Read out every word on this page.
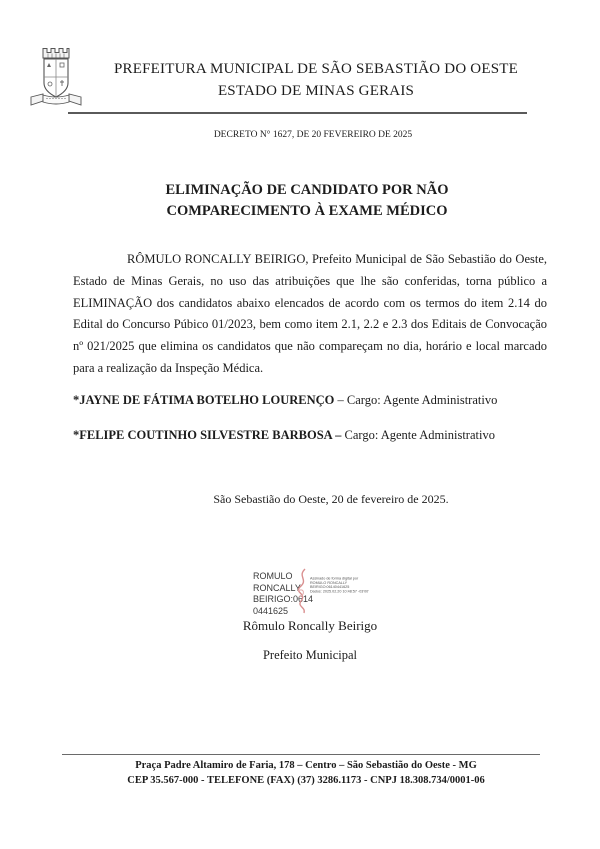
PREFEITURA MUNICIPAL DE SÃO SEBASTIÃO DO OESTE
ESTADO DE MINAS GERAIS
DECRETO N° 1627, DE 20 FEVEREIRO DE 2025
ELIMINAÇÃO DE CANDIDATO POR NÃO
COMPARECIMENTO À EXAME MÉDICO
RÔMULO RONCALLY BEIRIGO, Prefeito Municipal de São Sebastião do Oeste, Estado de Minas Gerais, no uso das atribuições que lhe são conferidas, torna público a ELIMINAÇÃO dos candidatos abaixo elencados de acordo com os termos do item 2.14 do Edital do Concurso Púbico 01/2023, bem como item 2.1, 2.2 e 2.3 dos Editais de Convocação nº 021/2025 que elimina os candidatos que não compareçam no dia, horário e local marcado para a realização da Inspeção Médica.
*JAYNE DE FÁTIMA BOTELHO LOURENÇO – Cargo: Agente Administrativo
*FELIPE COUTINHO SILVESTRE BARBOSA – Cargo: Agente Administrativo
São Sebastião do Oeste, 20 de fevereiro de 2025.
ROMULO
RONCALLY
BEIRIGO:0614
0441625
Assinado de forma digital por
ROMULO RONCALLY
BEIRIGO:06140441625
Dados: 2025.02.20 10:48:57 -03'00'
Rômulo Roncally Beirigo
Prefeito Municipal
Praça Padre Altamiro de Faria, 178 – Centro – São Sebastião do Oeste - MG
CEP 35.567-000 - TELEFONE (FAX) (37) 3286.1173 - CNPJ 18.308.734/0001-06
